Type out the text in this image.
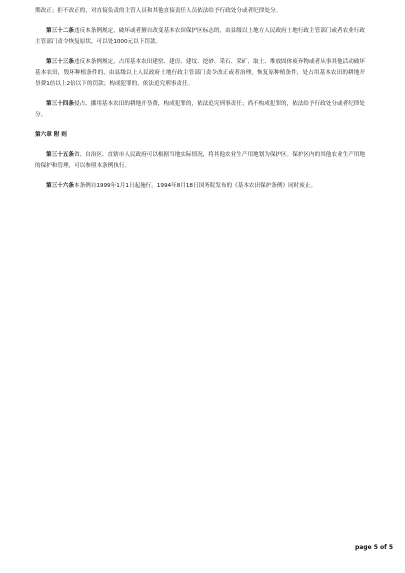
期改正；拒不改正的，对直接负责的主管人员和其他直接责任人员依法给予行政处分或者纪律处分。

第三十二条违反本条例规定，破坏或者擅自改变基本农田保护区标志的，由县级以上地方人民政府土地行政主管部门或者农业行政主管部门责令恢复原状，可以处1000元以下罚款。

第三十三条违反本条例规定，占用基本农田建窑、建房、建坟、挖砂、采石、采矿、取土、堆放固体废弃物或者从事其他活动破坏基本农田，毁坏种植条件的，由县级以上人民政府土地行政主管部门责令改正或者治理，恢复原种植条件，处占用基本农田的耕地开垦费1倍以上2倍以下的罚款；构成犯罪的，依法追究刑事责任。

第三十四条侵占、挪用基本农田的耕地开垦费，构成犯罪的，依法追究刑事责任；尚不构成犯罪的，依法给予行政处分或者纪律处分。

第六章 附 则

第三十五条省、自治区、直辖市人民政府可以根据当地实际情况，将其他农业生产用地划为保护区。保护区内的其他农业生产用地的保护和管理，可以参照本条例执行。

第三十六条本条例自1999年1月1日起施行。1994年8月18日国务院发布的《基本农田保护条例》同时废止。

page 5 of 5
